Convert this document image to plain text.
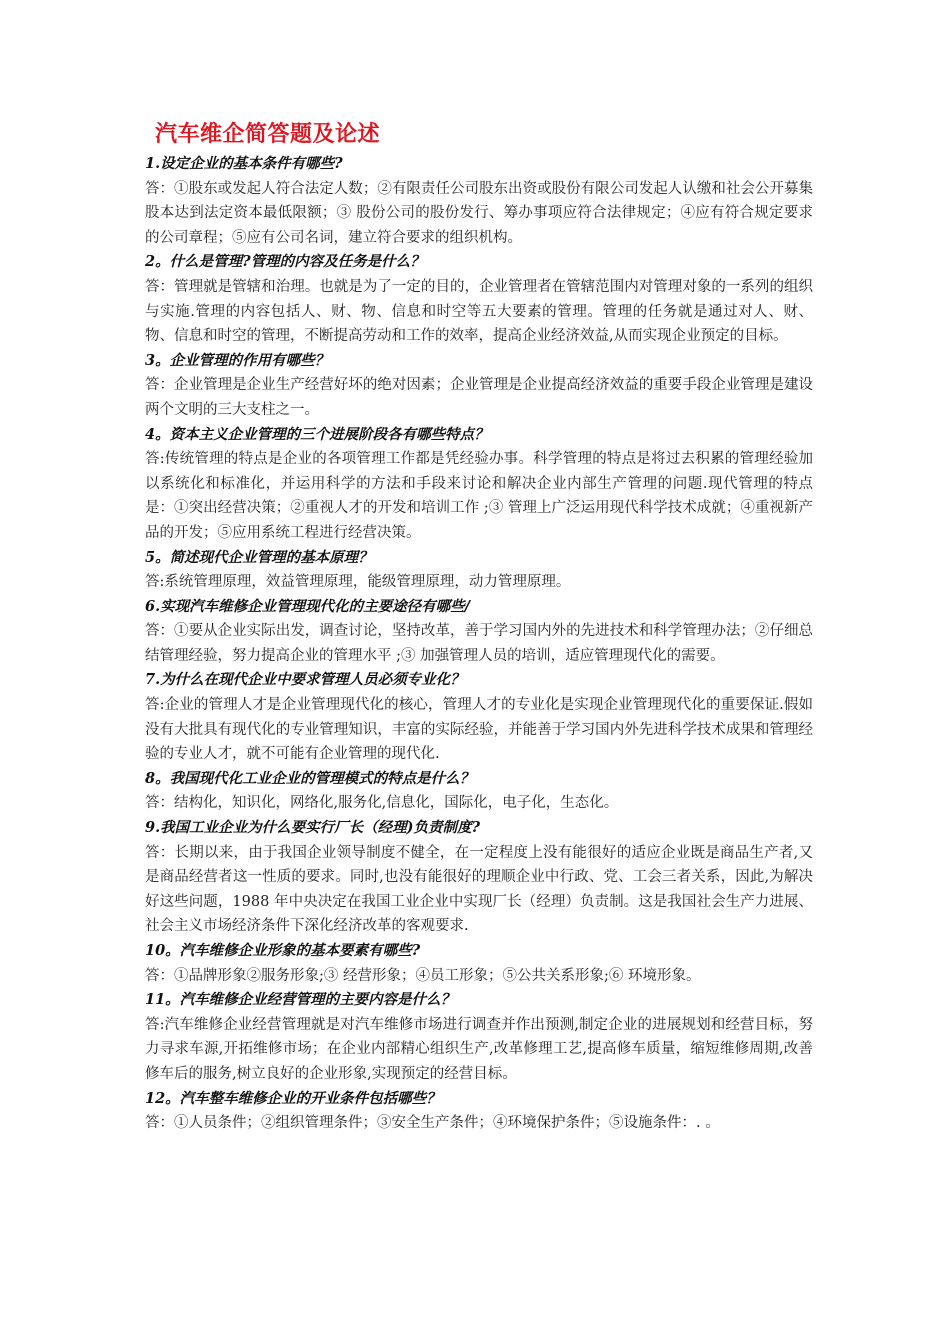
汽车维企简答题及论述

1.设定企业的基本条件有哪些?

答：①股东或发起人符合法定人数；②有限责任公司股东出资或股份有限公司发起人认缴和社会公开募集股本达到法定资本最低限额；③ 股份公司的股份发行、筹办事项应符合法律规定；④应有符合规定要求的公司章程；⑤应有公司名词，建立符合要求的组织机构。

2。什么是管理?管理的内容及任务是什么？

答：管理就是管辖和治理。也就是为了一定的目的，企业管理者在管辖范围内对管理对象的一系列的组织与实施.管理的内容包括人、财、物、信息和时空等五大要素的管理。管理的任务就是通过对人、财、物、信息和时空的管理，不断提高劳动和工作的效率，提高企业经济效益,从而实现企业预定的目标。

3。企业管理的作用有哪些？

答：企业管理是企业生产经营好坏的绝对因素；企业管理是企业提高经济效益的重要手段企业管理是建设两个文明的三大支柱之一。

4。资本主义企业管理的三个进展阶段各有哪些特点？

答:传统管理的特点是企业的各项管理工作都是凭经验办事。科学管理的特点是将过去积累的管理经验加以系统化和标准化，并运用科学的方法和手段来讨论和解决企业内部生产管理的问题.现代管理的特点是：①突出经营决策；②重视人才的开发和培训工作 ;③ 管理上广泛运用现代科学技术成就；④重视新产品的开发；⑤应用系统工程进行经营决策。

5。简述现代企业管理的基本原理？

答:系统管理原理，效益管理原理，能级管理原理，动力管理原理。

6.实现汽车维修企业管理现代化的主要途径有哪些/

答：①要从企业实际出发，调查讨论，坚持改革，善于学习国内外的先进技术和科学管理办法；②仔细总结管理经验，努力提高企业的管理水平 ;③ 加强管理人员的培训，适应管理现代化的需要。

7.为什么在现代企业中要求管理人员必须专业化？

答:企业的管理人才是企业管理现代化的核心，管理人才的专业化是实现企业管理现代化的重要保证.假如没有大批具有现代化的专业管理知识，丰富的实际经验，并能善于学习国内外先进科学技术成果和管理经验的专业人才，就不可能有企业管理的现代化.

8。我国现代化工业企业的管理模式的特点是什么？

答：结构化，知识化，网络化,服务化,信息化，国际化，电子化，生态化。

9.我国工业企业为什么要实行厂长（经理)负责制度?

答：长期以来，由于我国企业领导制度不健全，在一定程度上没有能很好的适应企业既是商品生产者,又是商品经营者这一性质的要求。同时,也没有能很好的理顺企业中行政、党、工会三者关系，因此,为解决好这些问题，1988 年中央决定在我国工业企业中实现厂长（经理）负责制。这是我国社会生产力进展、社会主义市场经济条件下深化经济改革的客观要求.

10。汽车维修企业形象的基本要素有哪些?

答：①品牌形象②服务形象;③ 经营形象；④员工形象；⑤公共关系形象;⑥ 环境形象。

11。汽车维修企业经营管理的主要内容是什么？

答:汽车维修企业经营管理就是对汽车维修市场进行调查并作出预测,制定企业的进展规划和经营目标，努力寻求车源,开拓维修市场；在企业内部精心组织生产,改革修理工艺,提高修车质量，缩短维修周期,改善修车后的服务,树立良好的企业形象,实现预定的经营目标。

12。汽车整车维修企业的开业条件包括哪些？

答：①人员条件；②组织管理条件；③安全生产条件；④环境保护条件；⑤设施条件：. 。
